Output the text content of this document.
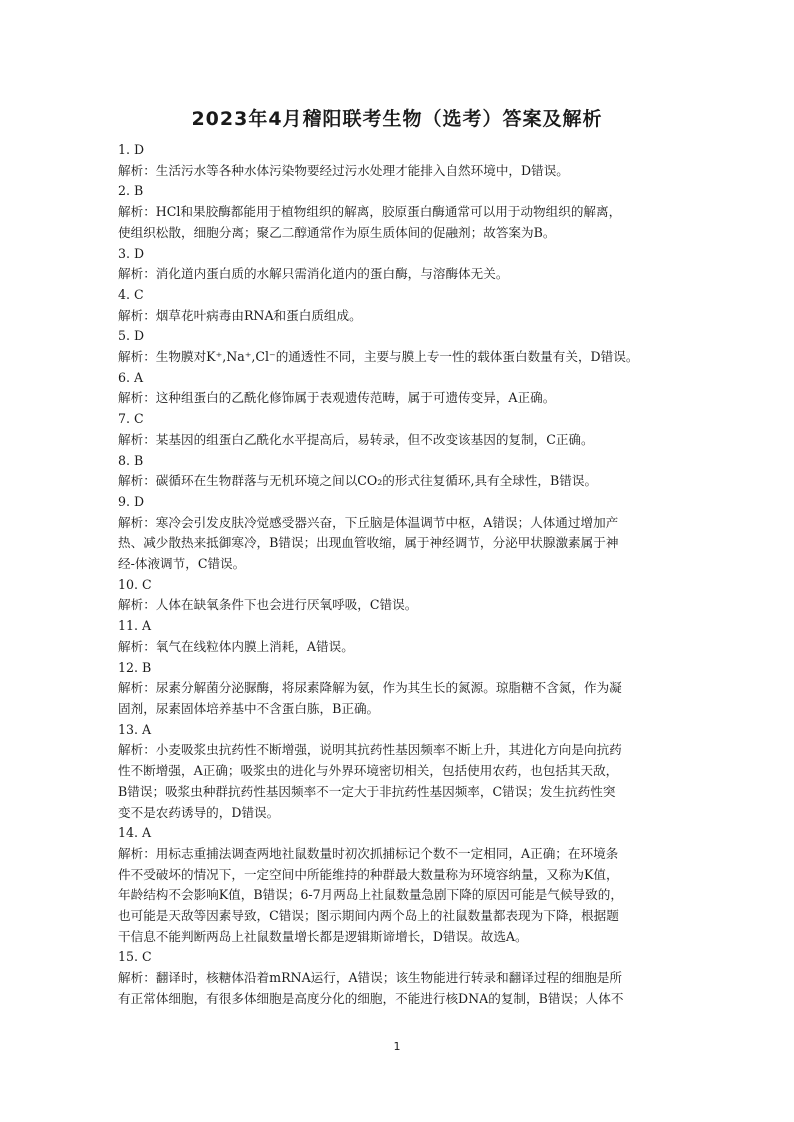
2023年4月稽阳联考生物（选考）答案及解析
1. D
解析：生活污水等各种水体污染物要经过污水处理才能排入自然环境中，D错误。
2. B
解析：HCl和果胶酶都能用于植物组织的解离，胶原蛋白酶通常可以用于动物组织的解离，
使组织松散，细胞分离；聚乙二醇通常作为原生质体间的促融剂；故答案为B。
3. D
解析：消化道内蛋白质的水解只需消化道内的蛋白酶，与溶酶体无关。
4. C
解析：烟草花叶病毒由RNA和蛋白质组成。
5. D
解析：生物膜对K⁺,Na⁺,Cl⁻的通透性不同，主要与膜上专一性的载体蛋白数量有关，D错误。
6. A
解析：这种组蛋白的乙酰化修饰属于表观遗传范畴，属于可遗传变异，A正确。
7. C
解析：某基因的组蛋白乙酰化水平提高后，易转录，但不改变该基因的复制，C正确。
8. B
解析：碳循环在生物群落与无机环境之间以CO₂的形式往复循环,具有全球性，B错误。
9. D
解析：寒冷会引发皮肤冷觉感受器兴奋，下丘脑是体温调节中枢，A错误；人体通过增加产
热、减少散热来抵御寒冷，B错误；出现血管收缩，属于神经调节，分泌甲状腺激素属于神
经-体液调节，C错误。
10. C
解析：人体在缺氧条件下也会进行厌氧呼吸，C错误。
11. A
解析：氧气在线粒体内膜上消耗，A错误。
12. B
解析：尿素分解菌分泌脲酶，将尿素降解为氨，作为其生长的氮源。琼脂糖不含氮，作为凝
固剂，尿素固体培养基中不含蛋白胨，B正确。
13. A
解析：小麦吸浆虫抗药性不断增强，说明其抗药性基因频率不断上升，其进化方向是向抗药
性不断增强，A正确；吸浆虫的进化与外界环境密切相关，包括使用农药，也包括其天敌，
B错误；吸浆虫种群抗药性基因频率不一定大于非抗药性基因频率，C错误；发生抗药性突
变不是农药诱导的，D错误。
14. A
解析：用标志重捕法调查两地社鼠数量时初次抓捕标记个数不一定相同，A正确；在环境条
件不受破坏的情况下，一定空间中所能维持的种群最大数量称为环境容纳量，又称为K值，
年龄结构不会影响K值，B错误；6-7月两岛上社鼠数量急剧下降的原因可能是气候导致的，
也可能是天敌等因素导致，C错误；图示期间内两个岛上的社鼠数量都表现为下降，根据题
干信息不能判断两岛上社鼠数量增长都是逻辑斯谛增长，D错误。故选A。
15. C
解析：翻译时，核糖体沿着mRNA运行，A错误；该生物能进行转录和翻译过程的细胞是所
有正常体细胞，有很多体细胞是高度分化的细胞，不能进行核DNA的复制，B错误；人体不
1
